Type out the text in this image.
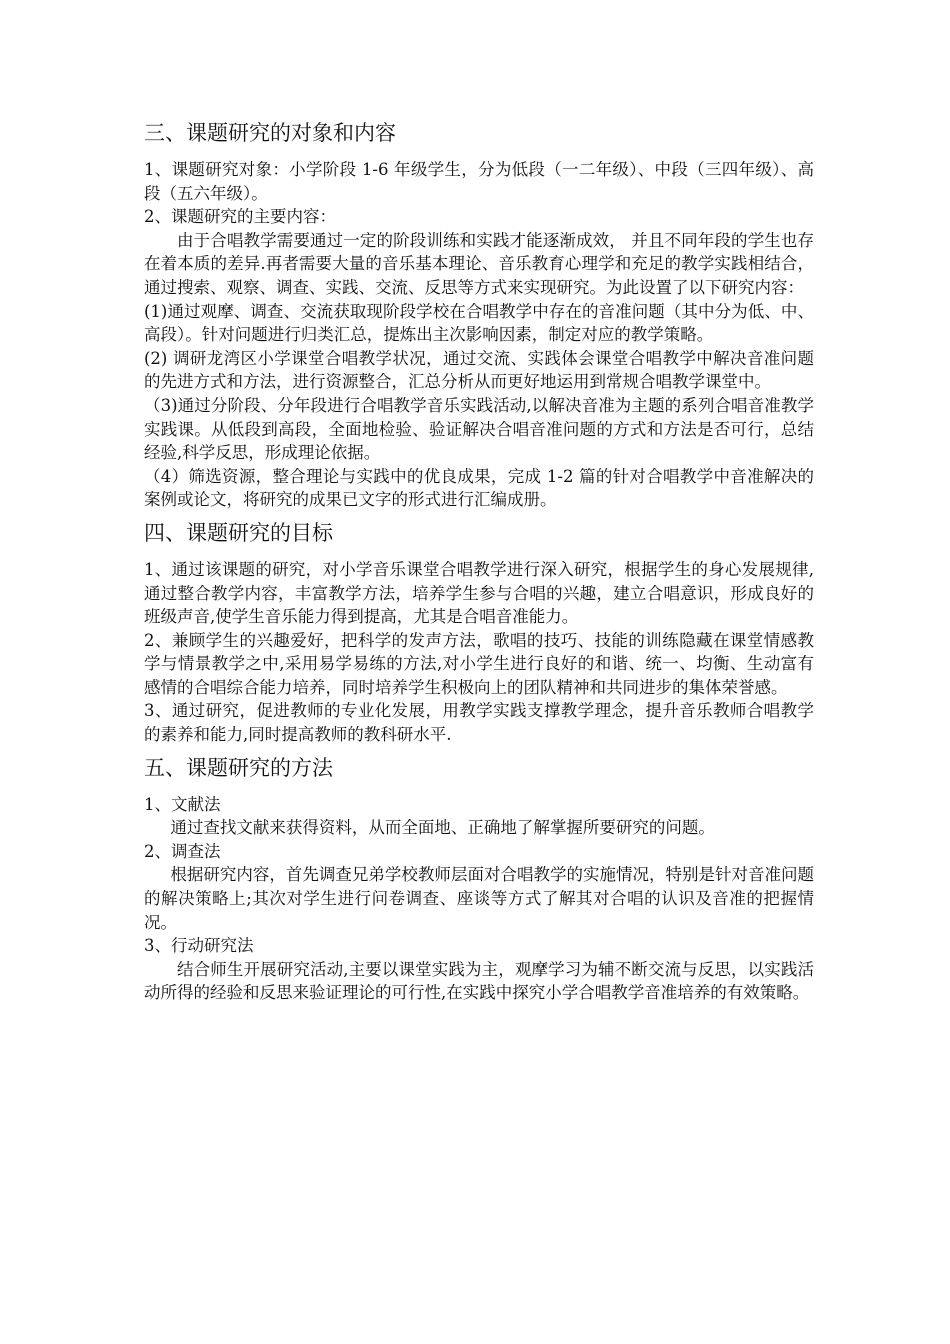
三、课题研究的对象和内容

1、课题研究对象：小学阶段 1-6 年级学生，分为低段（一二年级）、中段（三四年级）、高段（五六年级）。

2、课题研究的主要内容：

由于合唱教学需要通过一定的阶段训练和实践才能逐渐成效， 并且不同年段的学生也存在着本质的差异.再者需要大量的音乐基本理论、音乐教育心理学和充足的教学实践相结合，通过搜索、观察、调查、实践、交流、反思等方式来实现研究。为此设置了以下研究内容：

(1)通过观摩、调查、交流获取现阶段学校在合唱教学中存在的音准问题（其中分为低、中、高段）。针对问题进行归类汇总，提炼出主次影响因素，制定对应的教学策略。

(2) 调研龙湾区小学课堂合唱教学状况，通过交流、实践体会课堂合唱教学中解决音准问题的先进方式和方法，进行资源整合，汇总分析从而更好地运用到常规合唱教学课堂中。

（3)通过分阶段、分年段进行合唱教学音乐实践活动,以解决音准为主题的系列合唱音准教学实践课。从低段到高段，全面地检验、验证解决合唱音准问题的方式和方法是否可行，总结经验,科学反思，形成理论依据。

（4）筛选资源，整合理论与实践中的优良成果，完成 1-2 篇的针对合唱教学中音准解决的案例或论文，将研究的成果已文字的形式进行汇编成册。

四、课题研究的目标

1、通过该课题的研究，对小学音乐课堂合唱教学进行深入研究，根据学生的身心发展规律,通过整合教学内容，丰富教学方法，培养学生参与合唱的兴趣，建立合唱意识，形成良好的班级声音,使学生音乐能力得到提高，尤其是合唱音准能力。

2、兼顾学生的兴趣爱好，把科学的发声方法，歌唱的技巧、技能的训练隐藏在课堂情感教学与情景教学之中,采用易学易练的方法,对小学生进行良好的和谐、统一、均衡、生动富有感情的合唱综合能力培养，同时培养学生积极向上的团队精神和共同进步的集体荣誉感。

3、通过研究，促进教师的专业化发展，用教学实践支撑教学理念，提升音乐教师合唱教学的素养和能力,同时提高教师的教科研水平.

五、课题研究的方法

1、文献法

通过查找文献来获得资料，从而全面地、正确地了解掌握所要研究的问题。

2、调查法

根据研究内容，首先调查兄弟学校教师层面对合唱教学的实施情况，特别是针对音准问题的解决策略上;其次对学生进行问卷调查、座谈等方式了解其对合唱的认识及音准的把握情况。

3、行动研究法

结合师生开展研究活动,主要以课堂实践为主，观摩学习为辅不断交流与反思，以实践活动所得的经验和反思来验证理论的可行性,在实践中探究小学合唱教学音准培养的有效策略。
